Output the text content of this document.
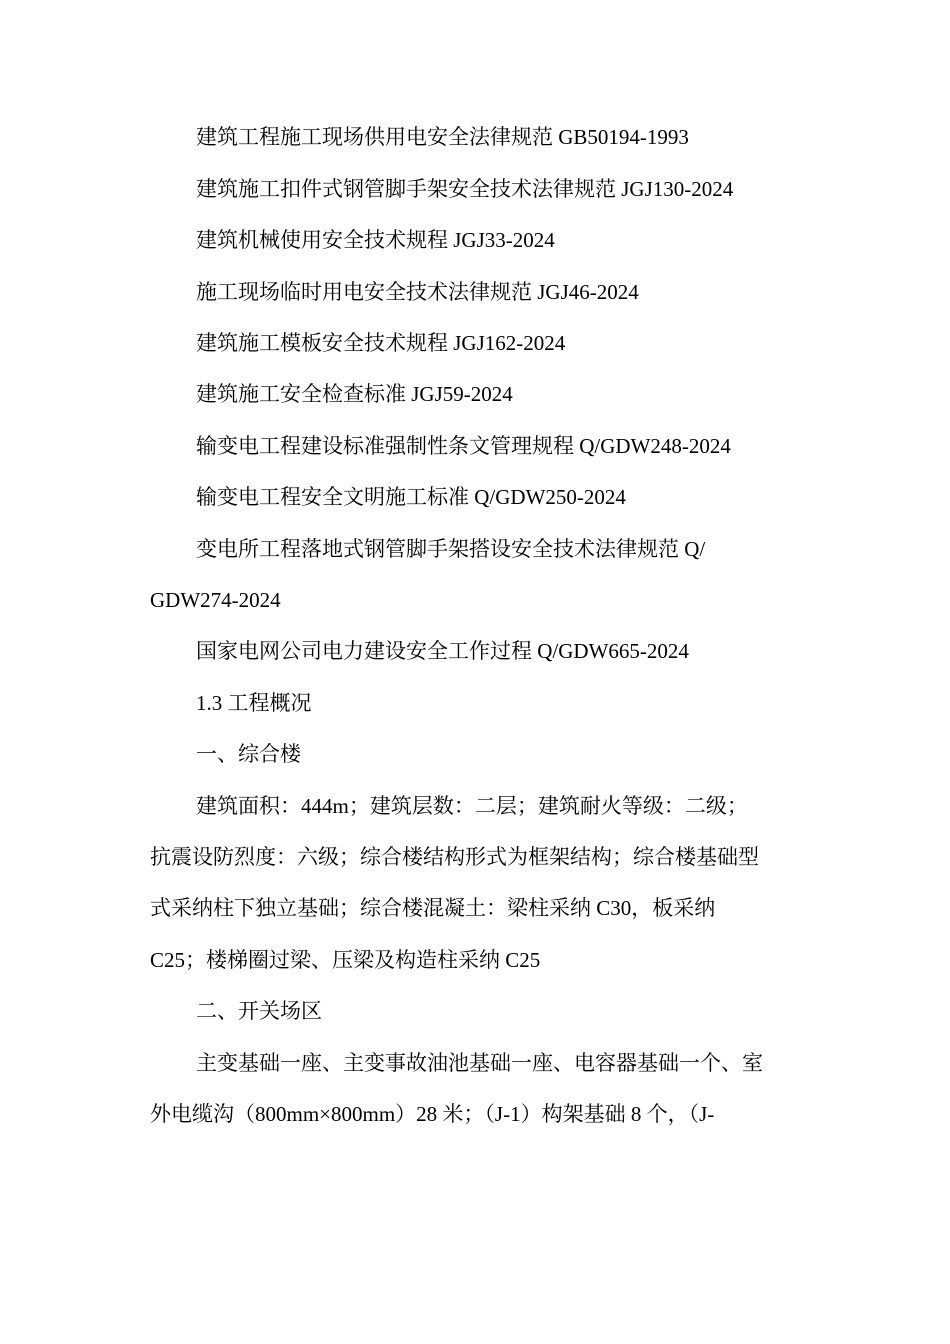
建筑工程施工现场供用电安全法律规范 GB50194-1993
建筑施工扣件式钢管脚手架安全技术法律规范 JGJ130-2024
建筑机械使用安全技术规程 JGJ33-2024
施工现场临时用电安全技术法律规范 JGJ46-2024
建筑施工模板安全技术规程 JGJ162-2024
建筑施工安全检查标准 JGJ59-2024
输变电工程建设标准强制性条文管理规程 Q/GDW248-2024
输变电工程安全文明施工标准 Q/GDW250-2024
变电所工程落地式钢管脚手架搭设安全技术法律规范 Q/
GDW274-2024
国家电网公司电力建设安全工作过程 Q/GDW665-2024
1.3 工程概况
一、综合楼
建筑面积：444m；建筑层数：二层；建筑耐火等级：二级；
抗震设防烈度：六级；综合楼结构形式为框架结构；综合楼基础型
式采纳柱下独立基础；综合楼混凝土：梁柱采纳 C30，板采纳
C25；楼梯圈过梁、压梁及构造柱采纳 C25
二、开关场区
主变基础一座、主变事故油池基础一座、电容器基础一个、室
外电缆沟（800mm×800mm）28 米；（J-1）构架基础 8 个，（J-
